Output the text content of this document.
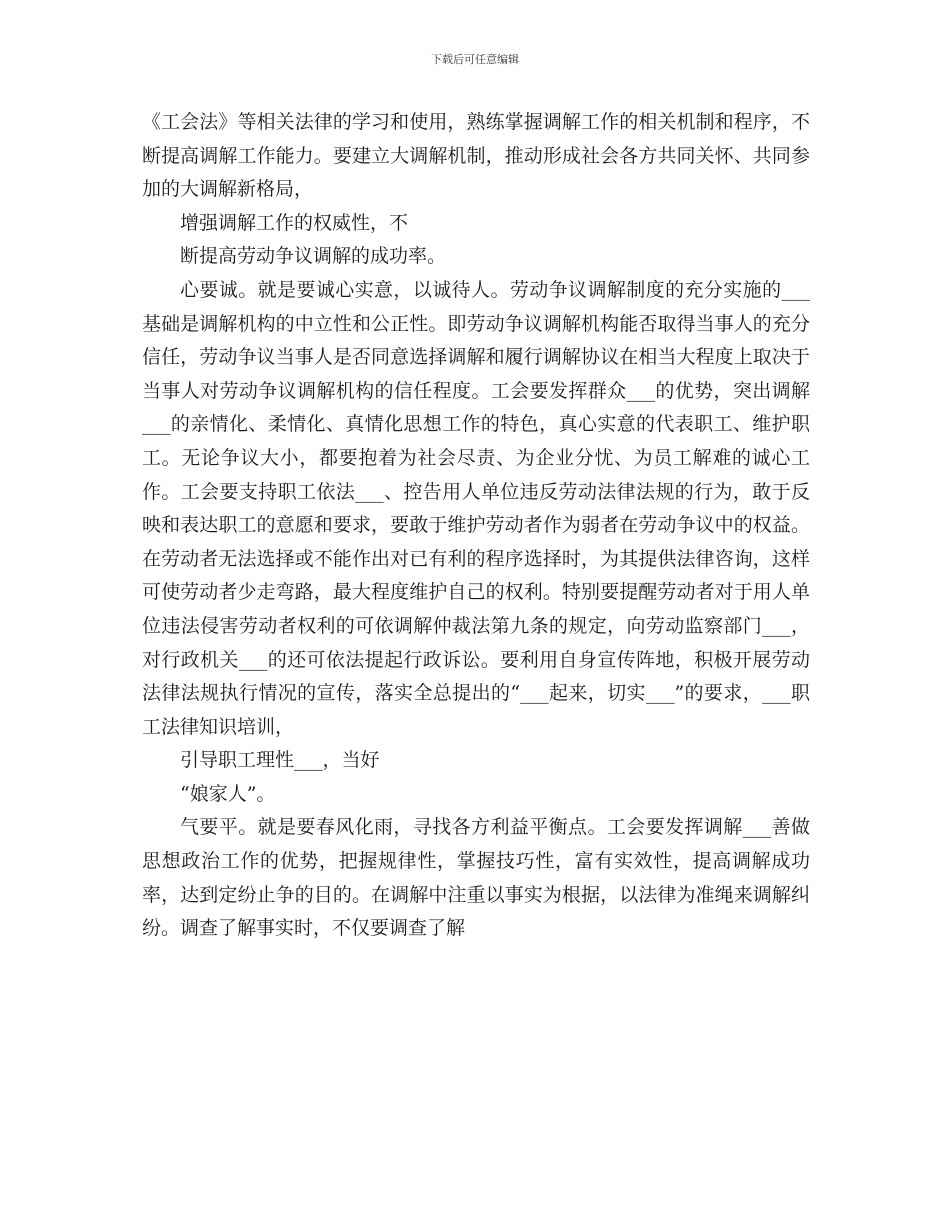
下载后可任意编辑

《工会法》等相关法律的学习和使用，熟练掌握调解工作的相关机制和程序，不断提高调解工作能力。要建立大调解机制，推动形成社会各方共同关怀、共同参加的大调解新格局，

增强调解工作的权威性，不

断提高劳动争议调解的成功率。

心要诚。就是要诚心实意，以诚待人。劳动争议调解制度的充分实施的___基础是调解机构的中立性和公正性。即劳动争议调解机构能否取得当事人的充分信任，劳动争议当事人是否同意选择调解和履行调解协议在相当大程度上取决于当事人对劳动争议调解机构的信任程度。工会要发挥群众___的优势，突出调解___的亲情化、柔情化、真情化思想工作的特色，真心实意的代表职工、维护职工。无论争议大小，都要抱着为社会尽责、为企业分忧、为员工解难的诚心工作。工会要支持职工依法___、控告用人单位违反劳动法律法规的行为，敢于反映和表达职工的意愿和要求，要敢于维护劳动者作为弱者在劳动争议中的权益。在劳动者无法选择或不能作出对已有利的程序选择时，为其提供法律咨询，这样可使劳动者少走弯路，最大程度维护自己的权利。特别要提醒劳动者对于用人单位违法侵害劳动者权利的可依调解仲裁法第九条的规定，向劳动监察部门___，对行政机关___的还可依法提起行政诉讼。要利用自身宣传阵地，积极开展劳动法律法规执行情况的宣传，落实全总提出的“___起来，切实___”的要求，___职工法律知识培训，

引导职工理性___，当好

“娘家人”。

气要平。就是要春风化雨，寻找各方利益平衡点。工会要发挥调解___善做思想政治工作的优势，把握规律性，掌握技巧性，富有实效性，提高调解成功率，达到定纷止争的目的。在调解中注重以事实为根据，以法律为准绳来调解纠纷。调查了解事实时，不仅要调查了解
